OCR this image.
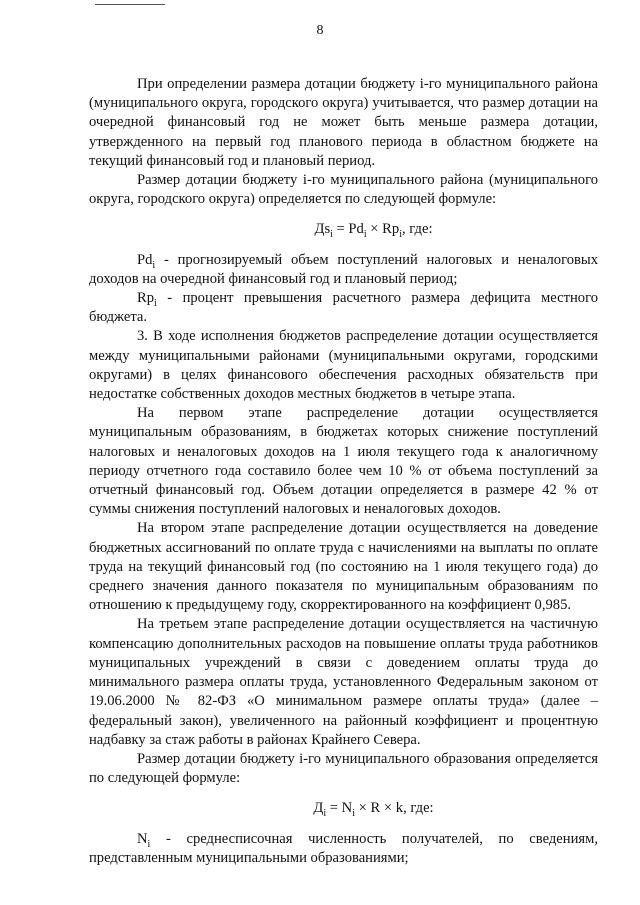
8

При определении размера дотации бюджету i-го муниципального района (муниципального округа, городского округа) учитывается, что размер дотации на очередной финансовый год не может быть меньше размера дотации, утвержденного на первый год планового периода в областном бюджете на текущий финансовый год и плановый период.

Размер дотации бюджету i-го муниципального района (муниципального округа, городского округа) определяется по следующей формуле:

$Дs_i = Pd_i \times Rp_i$, где:

$Pd_i$ - прогнозируемый объем поступлений налоговых и неналоговых доходов на очередной финансовый год и плановый период;

$Rp_i$ - процент превышения расчетного размера дефицита местного бюджета.

3. В ходе исполнения бюджетов распределение дотации осуществляется между муниципальными районами (муниципальными округами, городскими округами) в целях финансового обеспечения расходных обязательств при недостатке собственных доходов местных бюджетов в четыре этапа.

На первом этапе распределение дотации осуществляется муниципальным образованиям, в бюджетах которых снижение поступлений налоговых и неналоговых доходов на 1 июля текущего года к аналогичному периоду отчетного года составило более чем 10 % от объема поступлений за отчетный финансовый год. Объем дотации определяется в размере 42 % от суммы снижения поступлений налоговых и неналоговых доходов.

На втором этапе распределение дотации осуществляется на доведение бюджетных ассигнований по оплате труда с начислениями на выплаты по оплате труда на текущий финансовый год (по состоянию на 1 июля текущего года) до среднего значения данного показателя по муниципальным образованиям по отношению к предыдущему году, скорректированного на коэффициент 0,985.

На третьем этапе распределение дотации осуществляется на частичную компенсацию дополнительных расходов на повышение оплаты труда работников муниципальных учреждений в связи с доведением оплаты труда до минимального размера оплаты труда, установленного Федеральным законом от 19.06.2000 № 82-ФЗ «О минимальном размере оплаты труда» (далее – федеральный закон), увеличенного на районный коэффициент и процентную надбавку за стаж работы в районах Крайнего Севера.

Размер дотации бюджету i-го муниципального образования определяется по следующей формуле:

$Д_i = N_i \times R \times k$, где:

$N_i$ - среднесписочная численность получателей, по сведениям, представленным муниципальными образованиями;
